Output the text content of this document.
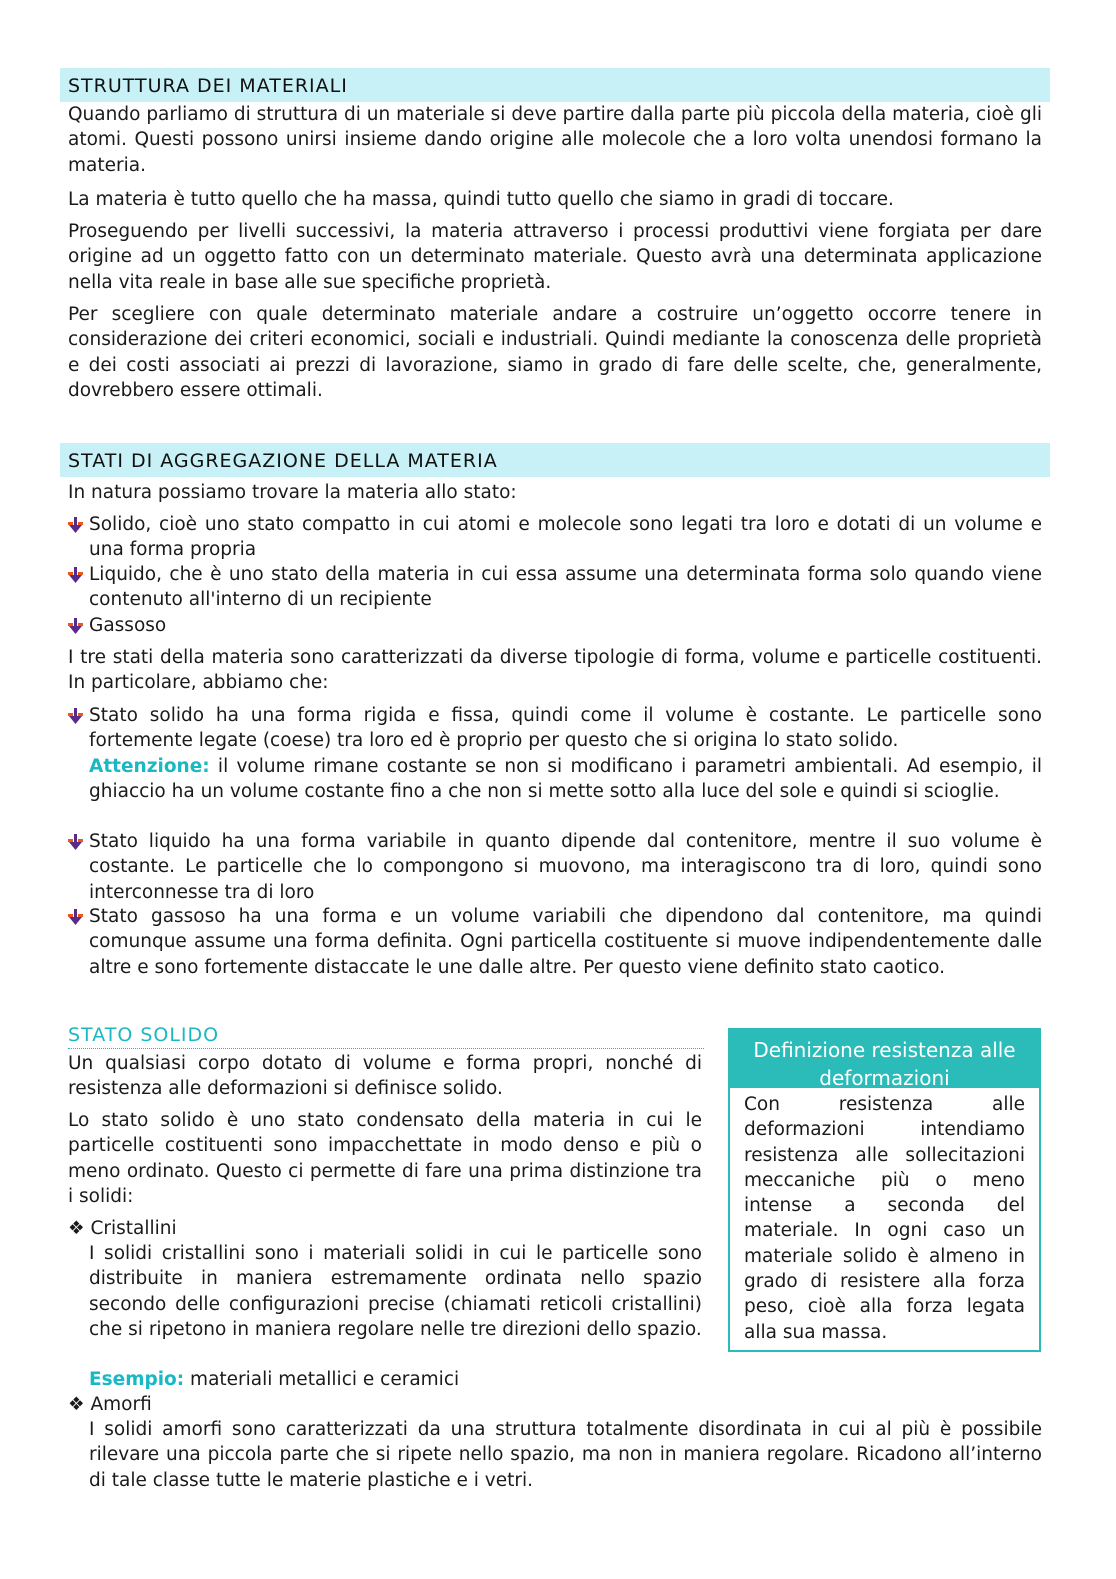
STRUTTURA DEI MATERIALI

Quando parliamo di struttura di un materiale si deve partire dalla parte più piccola della materia, cioè gli atomi. Questi possono unirsi insieme dando origine alle molecole che a loro volta unendosi formano la materia.

La materia è tutto quello che ha massa, quindi tutto quello che siamo in gradi di toccare.

Proseguendo per livelli successivi, la materia attraverso i processi produttivi viene forgiata per dare origine ad un oggetto fatto con un determinato materiale. Questo avrà una determinata applicazione nella vita reale in base alle sue specifiche proprietà.

Per scegliere con quale determinato materiale andare a costruire un’oggetto occorre tenere in considerazione dei criteri economici, sociali e industriali. Quindi mediante la conoscenza delle proprietà e dei costi associati ai prezzi di lavorazione, siamo in grado di fare delle scelte, che, generalmente, dovrebbero essere ottimali.

STATI DI AGGREGAZIONE DELLA MATERIA

In natura possiamo trovare la materia allo stato:

Solido, cioè uno stato compatto in cui atomi e molecole sono legati tra loro e dotati di un volume e una forma propria
Liquido, che è uno stato della materia in cui essa assume una determinata forma solo quando viene contenuto all'interno di un recipiente
Gassoso

I tre stati della materia sono caratterizzati da diverse tipologie di forma, volume e particelle costituenti. In particolare, abbiamo che:

Stato solido ha una forma rigida e fissa, quindi come il volume è costante. Le particelle sono fortemente legate (coese) tra loro ed è proprio per questo che si origina lo stato solido.
Attenzione: il volume rimane costante se non si modificano i parametri ambientali. Ad esempio, il ghiaccio ha un volume costante fino a che non si mette sotto alla luce del sole e quindi si scioglie.
Stato liquido ha una forma variabile in quanto dipende dal contenitore, mentre il suo volume è costante. Le particelle che lo compongono si muovono, ma interagiscono tra di loro, quindi sono interconnesse tra di loro
Stato gassoso ha una forma e un volume variabili che dipendono dal contenitore, ma quindi comunque assume una forma definita. Ogni particella costituente si muove indipendentemente dalle altre e sono fortemente distaccate le une dalle altre. Per questo viene definito stato caotico.
STATO SOLIDO

Un qualsiasi corpo dotato di volume e forma propri, nonché di resistenza alle deformazioni si definisce solido.

Lo stato solido è uno stato condensato della materia in cui le particelle costituenti sono impacchettate in modo denso e più o meno ordinato. Questo ci permette di fare una prima distinzione tra i solidi:

❖ Cristallini

I solidi cristallini sono i materiali solidi in cui le particelle sono distribuite in maniera estremamente ordinata nello spazio secondo delle configurazioni precise (chiamati reticoli cristallini) che si ripetono in maniera regolare nelle tre direzioni dello spazio.

Esempio: materiali metallici e ceramici
❖ Amorfi

I solidi amorfi sono caratterizzati da una struttura totalmente disordinata in cui al più è possibile rilevare una piccola parte che si ripete nello spazio, ma non in maniera regolare. Ricadono all’interno di tale classe tutte le materie plastiche e i vetri.

Definizione resistenza alle deformazioni

Con resistenza alle deformazioni intendiamo resistenza alle sollecitazioni meccaniche più o meno intense a seconda del materiale. In ogni caso un materiale solido è almeno in grado di resistere alla forza peso, cioè alla forza legata alla sua massa.
